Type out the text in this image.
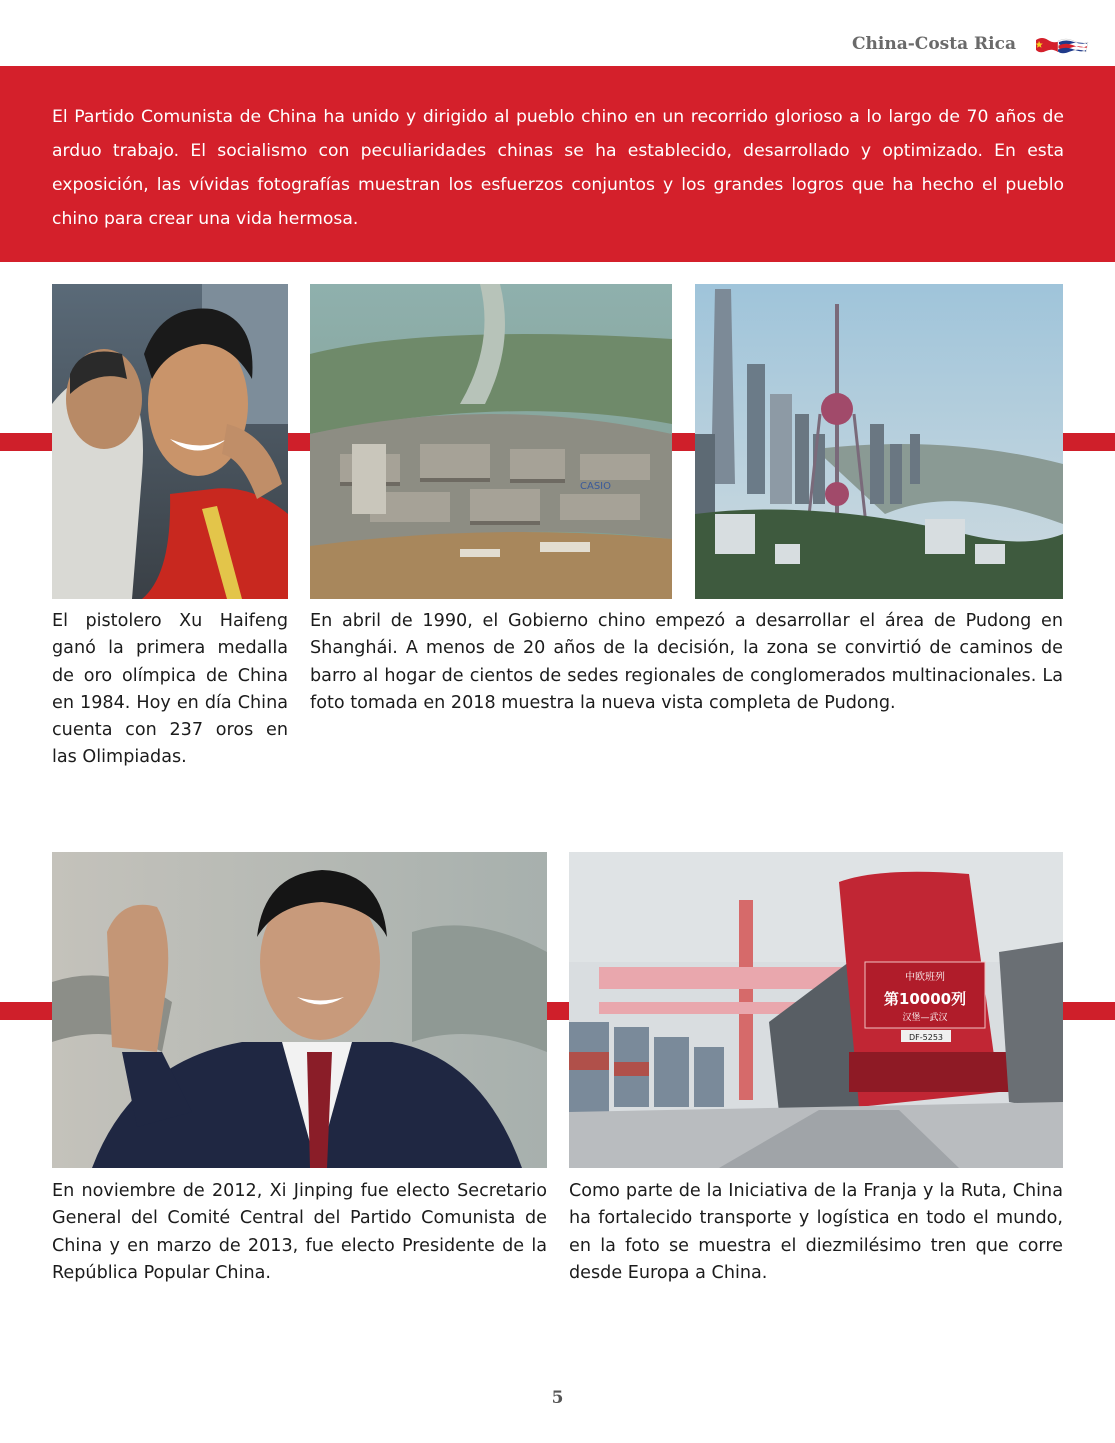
China-Costa Rica

El Partido Comunista de China ha unido y dirigido al pueblo chino en un recorrido glorioso a lo largo de 70 años de arduo trabajo. El socialismo con peculiaridades chinas se ha establecido, desarrollado y optimizado. En esta exposición, las vívidas fotografías muestran los esfuerzos conjuntos y los grandes logros que ha hecho el pueblo chino para crear una vida hermosa.

CASIO

El pistolero Xu Haifeng ganó la primera medalla de oro olímpica de China en 1984. Hoy en día China cuenta con 237 oros en las Olimpiadas.

En abril de 1990, el Gobierno chino empezó a desarrollar el área de Pudong en Shanghái. A menos de 20 años de la decisión, la zona se convirtió de caminos de barro al hogar de cientos de sedes regionales de conglomerados multinacionales. La foto tomada en 2018 muestra la nueva vista completa de Pudong.

中欧班列
第10000列
汉堡—武汉
DF-5253

En noviembre de 2012, Xi Jinping fue electo Secretario General del Comité Central del Partido Comunista de China y en marzo de 2013, fue electo Presidente de la República Popular China.

Como parte de la Iniciativa de la Franja y la Ruta, China ha fortalecido transporte y logística en todo el mundo, en la foto se muestra el diezmilésimo tren que corre desde Europa a China.

5
